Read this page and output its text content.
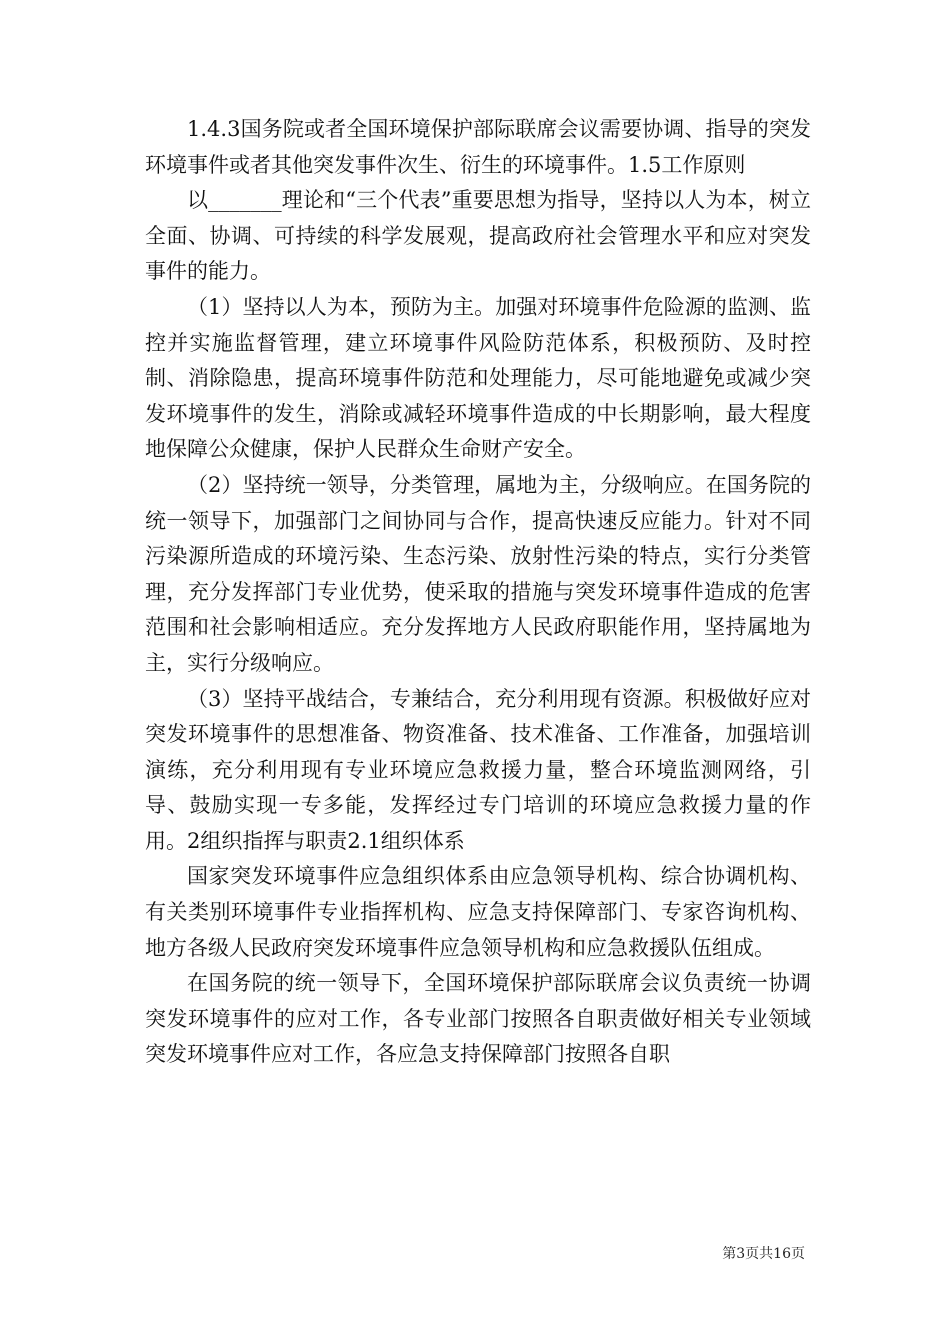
1.4.3国务院或者全国环境保护部际联席会议需要协调、指导的突发环境事件或者其他突发事件次生、衍生的环境事件。1.5工作原则

以_______理论和“三个代表”重要思想为指导，坚持以人为本，树立全面、协调、可持续的科学发展观，提高政府社会管理水平和应对突发事件的能力。

（1）坚持以人为本，预防为主。加强对环境事件危险源的监测、监控并实施监督管理，建立环境事件风险防范体系，积极预防、及时控制、消除隐患，提高环境事件防范和处理能力，尽可能地避免或减少突发环境事件的发生，消除或减轻环境事件造成的中长期影响，最大程度地保障公众健康，保护人民群众生命财产安全。

（2）坚持统一领导，分类管理，属地为主，分级响应。在国务院的统一领导下，加强部门之间协同与合作，提高快速反应能力。针对不同污染源所造成的环境污染、生态污染、放射性污染的特点，实行分类管理，充分发挥部门专业优势，使采取的措施与突发环境事件造成的危害范围和社会影响相适应。充分发挥地方人民政府职能作用，坚持属地为主，实行分级响应。

（3）坚持平战结合，专兼结合，充分利用现有资源。积极做好应对突发环境事件的思想准备、物资准备、技术准备、工作准备，加强培训演练，充分利用现有专业环境应急救援力量，整合环境监测网络，引导、鼓励实现一专多能，发挥经过专门培训的环境应急救援力量的作用。2组织指挥与职责2.1组织体系

国家突发环境事件应急组织体系由应急领导机构、综合协调机构、有关类别环境事件专业指挥机构、应急支持保障部门、专家咨询机构、地方各级人民政府突发环境事件应急领导机构和应急救援队伍组成。

在国务院的统一领导下，全国环境保护部际联席会议负责统一协调突发环境事件的应对工作，各专业部门按照各自职责做好相关专业领域突发环境事件应对工作，各应急支持保障部门按照各自职

第3页共16页
